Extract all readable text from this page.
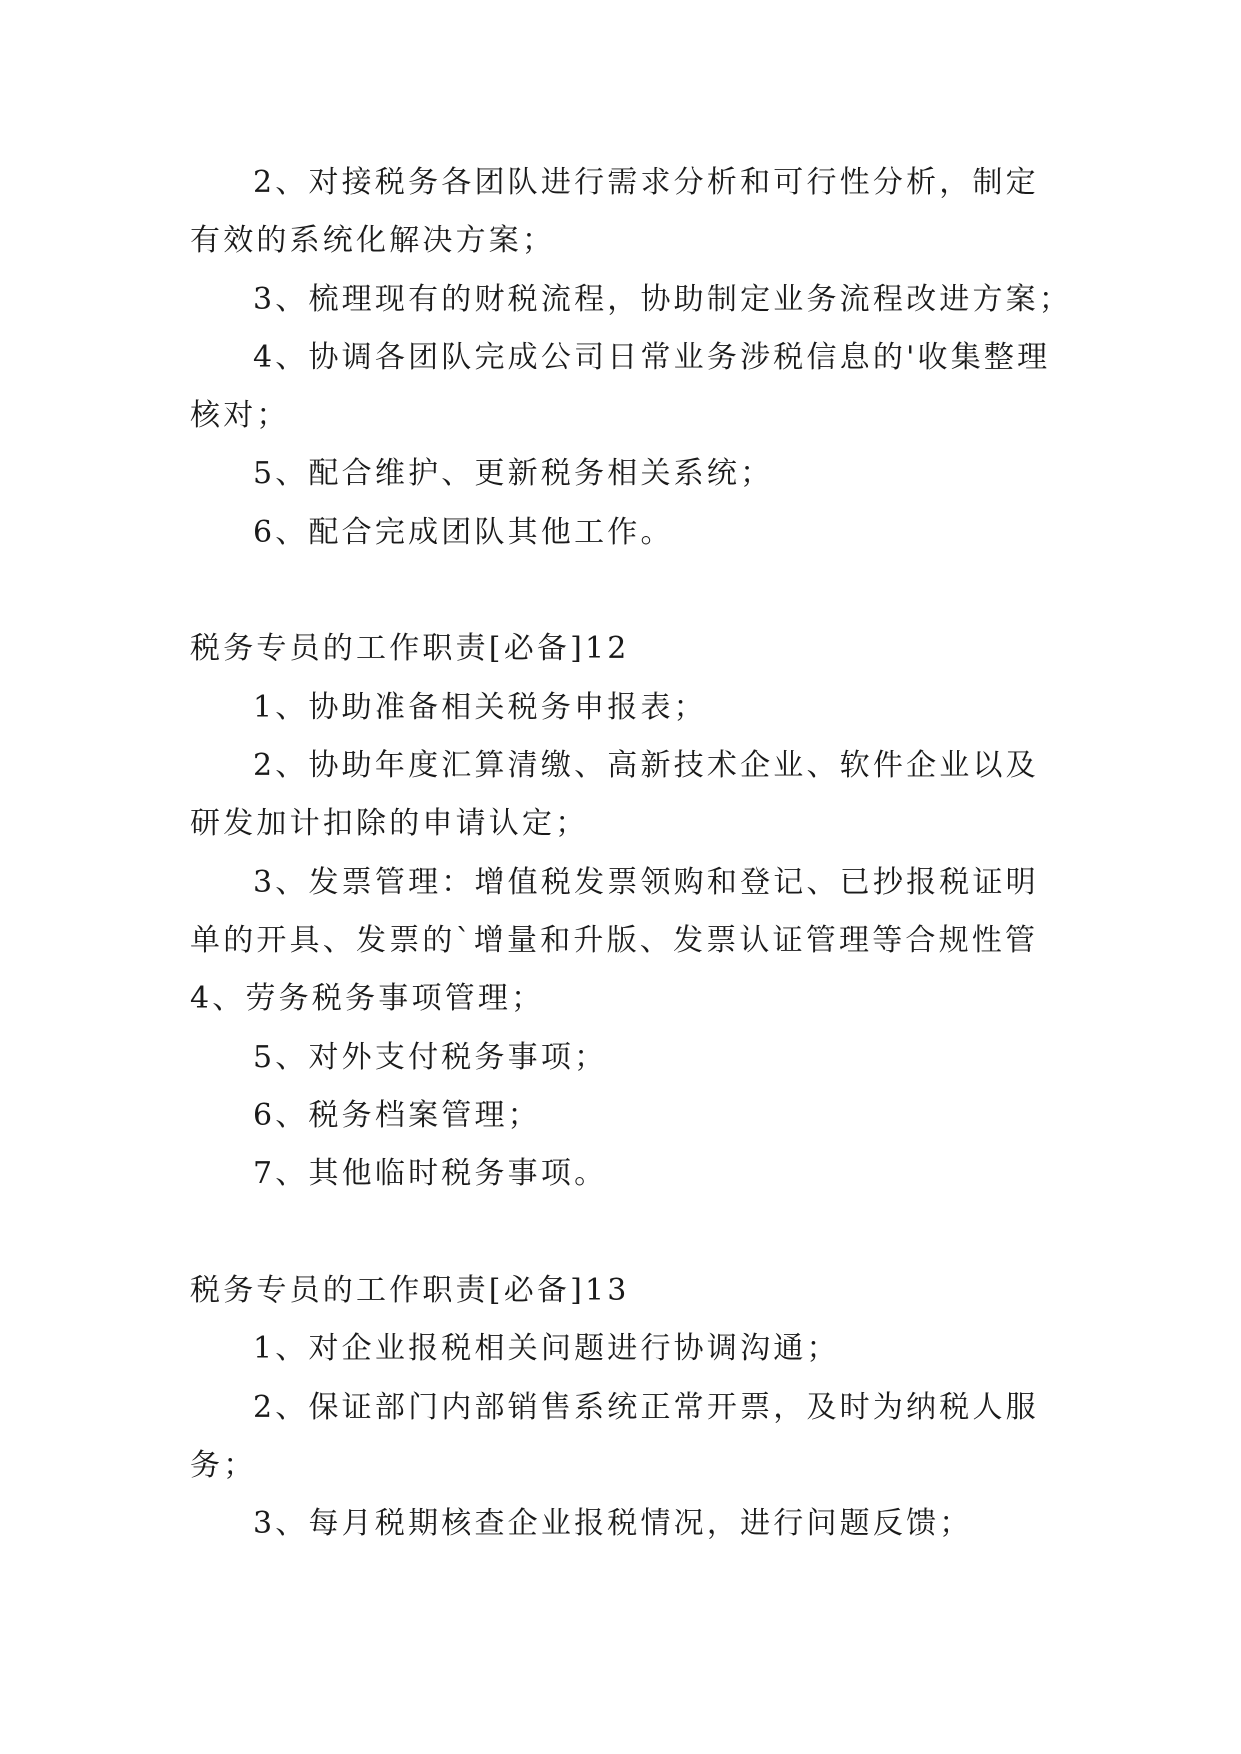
2、对接税务各团队进行需求分析和可行性分析，制定
有效的系统化解决方案；
3、梳理现有的财税流程，协助制定业务流程改进方案；
4、协调各团队完成公司日常业务涉税信息的'收集整理
核对；
5、配合维护、更新税务相关系统；
6、配合完成团队其他工作。
税务专员的工作职责[必备]12
1、协助准备相关税务申报表；
2、协助年度汇算清缴、高新技术企业、软件企业以及
研发加计扣除的申请认定；
3、发票管理：增值税发票领购和登记、已抄报税证明
单的开具、发票的`增量和升版、发票认证管理等合规性管
4、劳务税务事项管理；
5、对外支付税务事项；
6、税务档案管理；
7、其他临时税务事项。
税务专员的工作职责[必备]13
1、对企业报税相关问题进行协调沟通；
2、保证部门内部销售系统正常开票，及时为纳税人服
务；
3、每月税期核查企业报税情况，进行问题反馈；
